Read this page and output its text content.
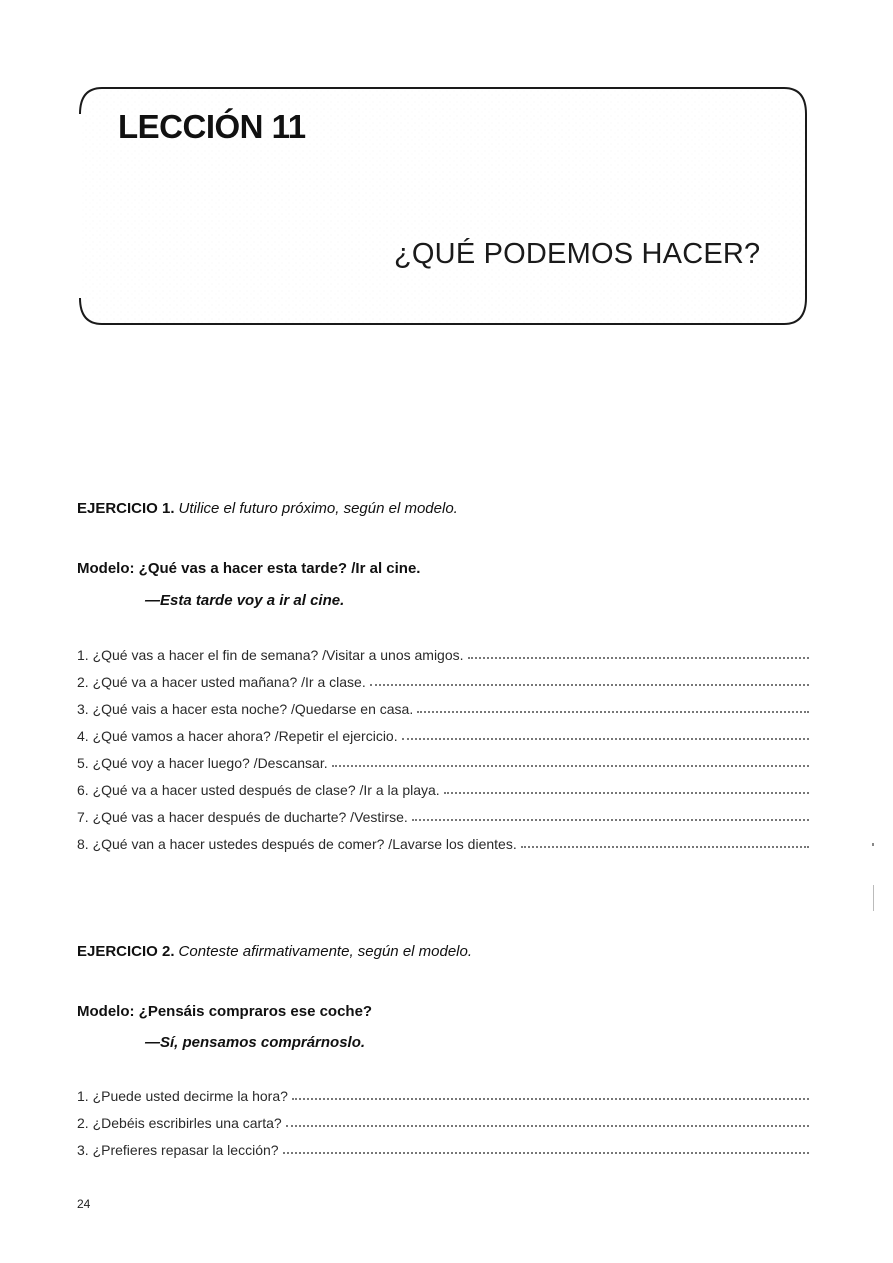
LECCIÓN 11
¿QUÉ PODEMOS HACER?
EJERCICIO 1. Utilice el futuro próximo, según el modelo.
Modelo: ¿Qué vas a hacer esta tarde? /Ir al cine.
—Esta tarde voy a ir al cine.
1.
¿Qué vas a hacer el fin de semana? /Visitar a unos amigos.
2.
¿Qué va a hacer usted mañana? /Ir a clase.
3.
¿Qué vais a hacer esta noche? /Quedarse en casa.
4.
¿Qué vamos a hacer ahora? /Repetir el ejercicio.
5.
¿Qué voy a hacer luego? /Descansar.
6.
¿Qué va a hacer usted después de clase? /Ir a la playa.
7.
¿Qué vas a hacer después de ducharte? /Vestirse.
8.
¿Qué van a hacer ustedes después de comer? /Lavarse los dientes.
EJERCICIO 2. Conteste afirmativamente, según el modelo.
Modelo: ¿Pensáis compraros ese coche?
—Sí, pensamos comprárnoslo.
1.
¿Puede usted decirme la hora?
2.
¿Debéis escribirles una carta?
3.
¿Prefieres repasar la lección?
24
